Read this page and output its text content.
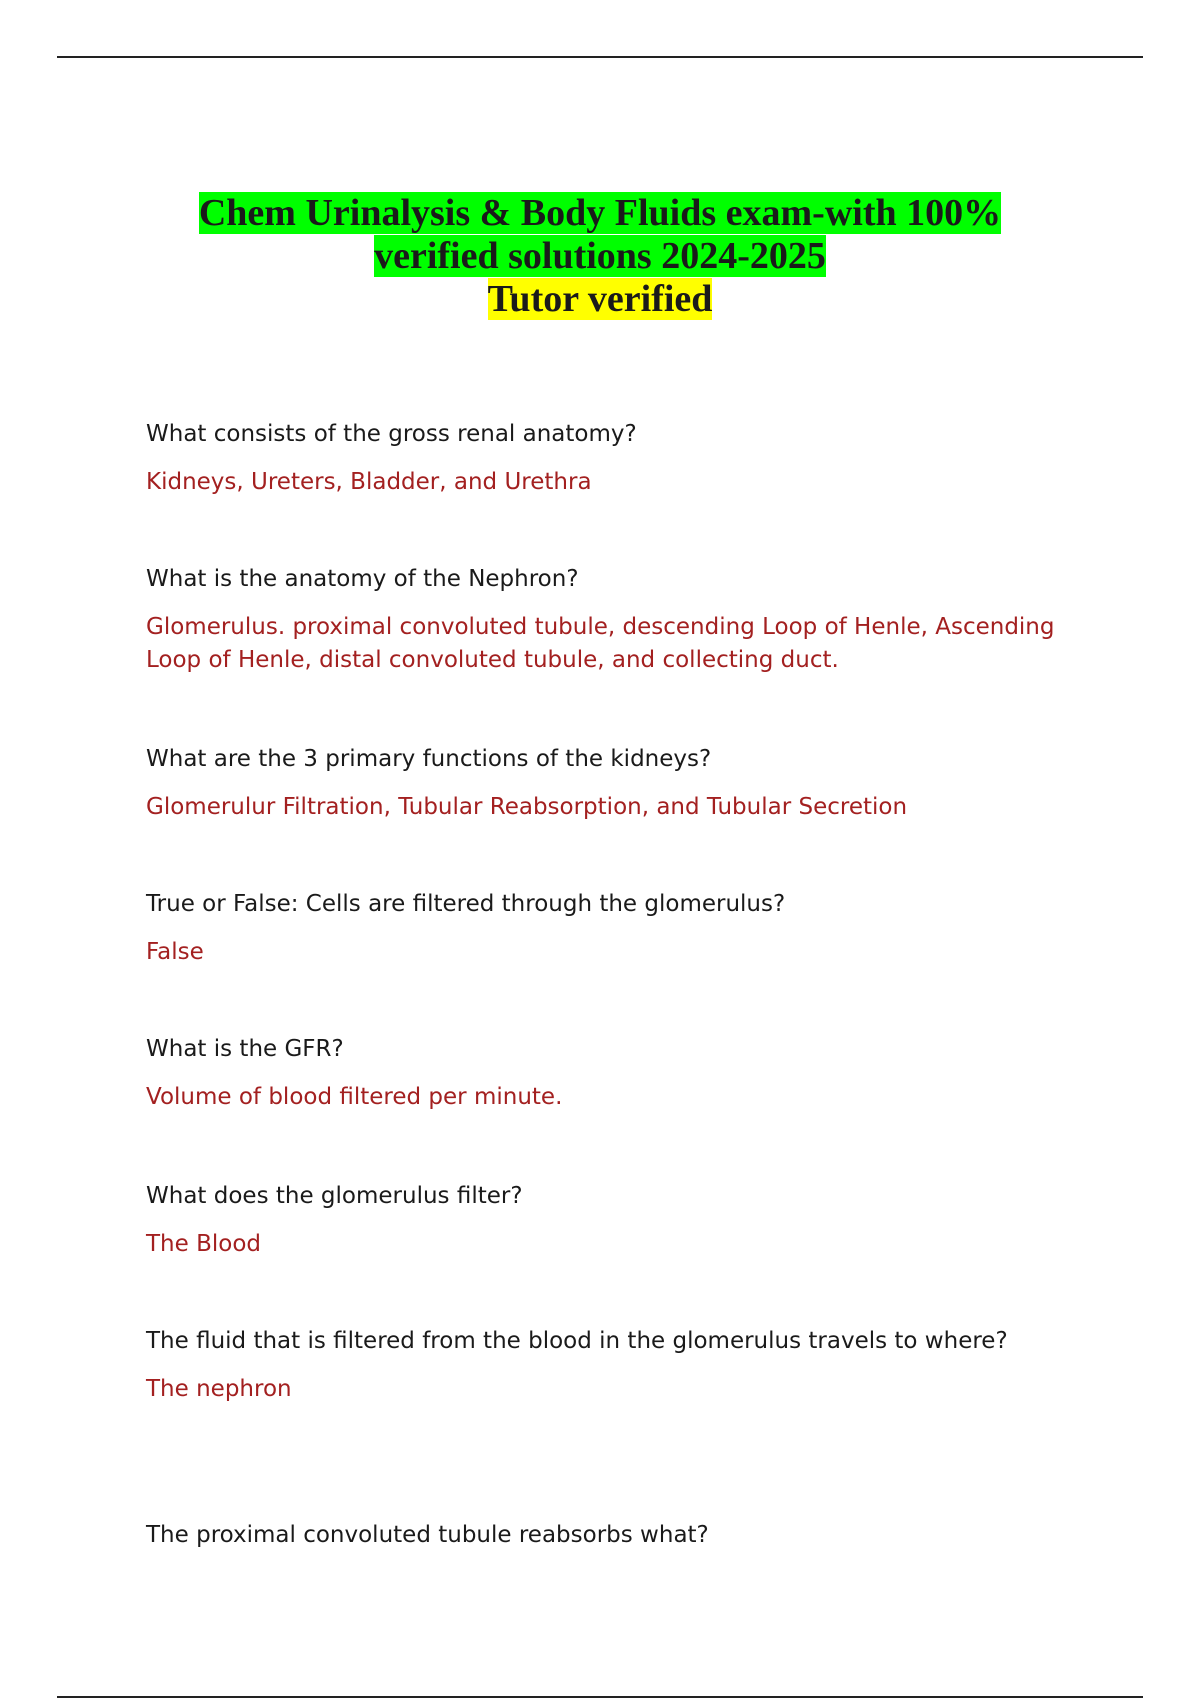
Chem Urinalysis & Body Fluids exam-with 100%
verified solutions 2024-2025
Tutor verified

What consists of the gross renal anatomy?

Kidneys, Ureters, Bladder, and Urethra

What is the anatomy of the Nephron?

Glomerulus. proximal convoluted tubule, descending Loop of Henle, Ascending Loop of Henle, distal convoluted tubule, and collecting duct.

What are the 3 primary functions of the kidneys?

Glomerulur Filtration, Tubular Reabsorption, and Tubular Secretion

True or False: Cells are filtered through the glomerulus?

False

What is the GFR?

Volume of blood filtered per minute.

What does the glomerulus filter?

The Blood

The fluid that is filtered from the blood in the glomerulus travels to where?

The nephron

The proximal convoluted tubule reabsorbs what?
